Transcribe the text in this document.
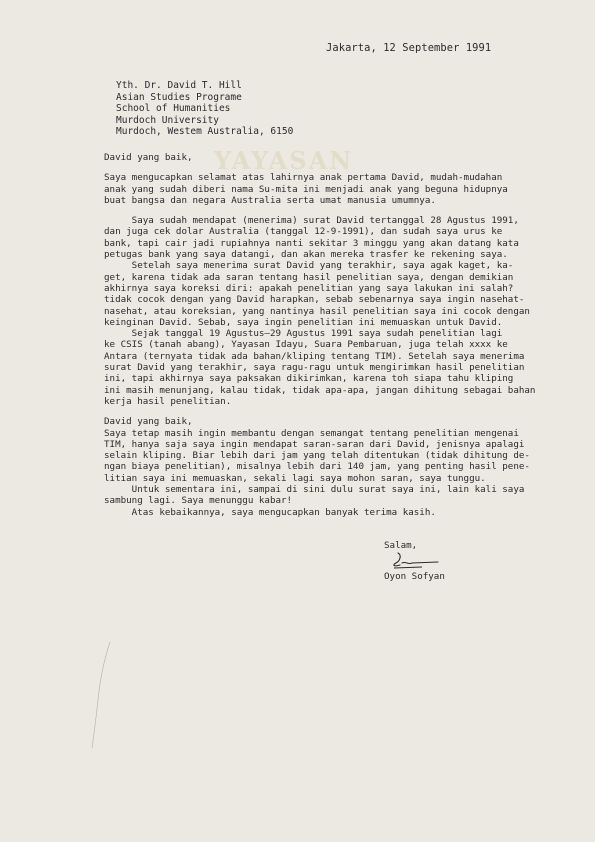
YAYASAN
Jakarta, 12 September 1991
Yth. Dr. David T. Hill
Asian Studies Programe
School of Humanities
Murdoch University
Murdoch, Westem Australia, 6150
David yang baik,
Saya mengucapkan selamat atas lahirnya anak pertama David, mudah-mudahan
anak yang sudah diberi nama Su-mita ini menjadi anak yang beguna hidupnya
buat bangsa dan negara Australia serta umat manusia umumnya.
Saya sudah mendapat (menerima) surat David tertanggal 28 Agustus 1991,
dan juga cek dolar Australia (tanggal 12-9-1991), dan sudah saya urus ke
bank, tapi cair jadi rupiahnya nanti sekitar 3 minggu yang akan datang kata
petugas bank yang saya datangi, dan akan mereka trasfer ke rekening saya.
Setelah saya menerima surat David yang terakhir, saya agak kaget, ka-
get, karena tidak ada saran tentang hasil penelitian saya, dengan demikian
akhirnya saya koreksi diri: apakah penelitian yang saya lakukan ini salah?
tidak cocok dengan yang David harapkan, sebab sebenarnya saya ingin nasehat-
nasehat, atau koreksian, yang nantinya hasil penelitian saya ini cocok dengan
keinginan David. Sebab, saya ingin penelitian ini memuaskan untuk David.
Sejak tanggal 19 Agustus—29 Agustus 1991 saya sudah penelitian lagi
ke CSIS (tanah abang), Yayasan Idayu, Suara Pembaruan, juga telah xxxx ke
Antara (ternyata tidak ada bahan/kliping tentang TIM). Setelah saya menerima
surat David yang terakhir, saya ragu-ragu untuk mengirimkan hasil penelitian
ini, tapi akhirnya saya paksakan dikirimkan, karena toh siapa tahu kliping
ini masih menunjang, kalau tidak, tidak apa-apa, jangan dihitung sebagai bahan
kerja hasil penelitian.
David yang baik,
Saya tetap masih ingin membantu dengan semangat tentang penelitian mengenai
TIM, hanya saja saya ingin mendapat saran-saran dari David, jenisnya apalagi
selain kliping. Biar lebih dari jam yang telah ditentukan (tidak dihitung de-
ngan biaya penelitian), misalnya lebih dari 140 jam, yang penting hasil pene-
litian saya ini memuaskan, sekali lagi saya mohon saran, saya tunggu.
Untuk sementara ini, sampai di sini dulu surat saya ini, lain kali saya
sambung lagi. Saya menunggu kabar!
Atas kebaikannya, saya mengucapkan banyak terima kasih.
Salam,
Oyon Sofyan
